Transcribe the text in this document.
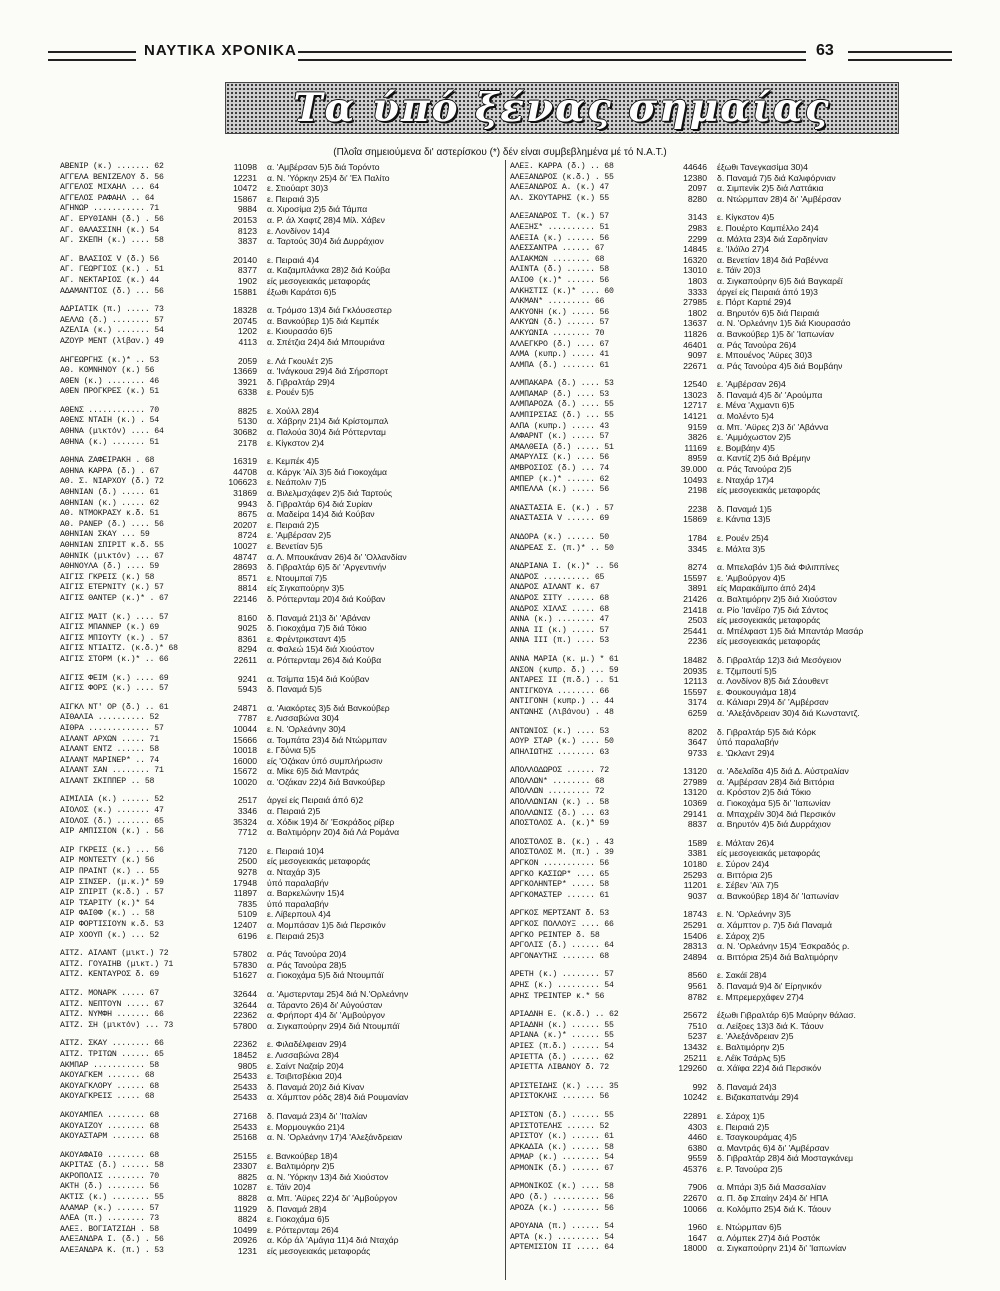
ΝΑΥΤΙΚΑ ΧΡΟΝΙΚΑ	63
Τα ύπό ξένας σημαίας
(Πλοΐα σημειούμενα δι' αστερίσκου (*) δέν είναι συμβεβλημένα μέ τό Ν.Α.Τ.)
ΑΒΕΝΙΡ (κ.) ....... 62	11098	α. 'Αμβέρσαν 5)5 διά Τορόντο
ΑΓΓΕΛΑ ΒΕΝΙΖΕΛΟΥ δ. 56	12231	α. Ν. 'Υόρκην 25)4 δι' 'Ελ Παλίτο
ΑΓΓΕΛΟΣ ΜΙΧΑΗΛ ... 64	10472	ε. Στιούαρτ 30)3
ΑΓΓΕΛΟΣ ΡΑΦΑΗΛ .. 64	15867	ε. Πειραιά 3)5
ΑΓΗΝΩΡ ........... 71	9884	α. Χιροσίμα 2)5 διά Τάμπα
ΑΓ. ΕΡΥΘΙΑΝΗ (δ.) . 56	20153	α. Ρ. άλ Χαφτζ 28)4 Μίλ. Χάβεν
ΑΓ. ΘΑΛΑΣΣΙΝΗ (κ.) 54	8123	ε. Λονδίνον 14)4
ΑΓ. ΣΚΕΠΗ (κ.) .... 58	3837	α. Ταρτούς 30)4 διά Δυρράχιον
ΑΓ. ΒΛΑΣΙΟΣ V (δ.) 56	20140	ε. Πειραιά 4)4
ΑΓ. ΓΕΩΡΓΙΟΣ (κ.) . 51	8377	α. Καζαμπλάνκα 28)2 διά Κούβα
ΑΓ. ΝΕΚΤΑΡΙΟΣ (κ.) 44	1902	είς μεσογειακάς μεταφοράς
ΑΔΑΜΑΝΤΙΟΣ (δ.) ... 56	15881	έξωθι Καράτσι 6)5
ΑΔΡΙΑΤΙΚ (π.) ..... 73	18328	α. Τρόμσο 13)4 διά Γκλόυσεστερ
ΑΕΛΛΩ (δ.) ........ 57	20745	α. Βανκούβερ 1)5 διά Κεμπέκ
ΑΖΕΛΙΑ (κ.) ....... 54	1202	ε. Κιουρασάο 6)5
ΑΖΟΥΡ ΜΕΝΤ (λίβαν.) 49	4113	α. Σπέτζια 24)4 διά Μπουριάνα
ΑΗΓΕΩΡΓΗΣ (κ.)* .. 53	2059	ε. Λά Γκουλέτ 2)5
ΑΘ. ΚΟΜΝΗΝΟΥ (κ.) 56	13669	α. 'Ινάγκουα 29)4 διά Σήρσπορτ
ΑΘΕΝ (κ.) ........ 46	3921	δ. Γιβραλτάρ 29)4
ΑΘΕΝ ΠΡΟΓΚΡΕΣ (κ.) 51	6338	ε. Ρουέν 5)5
ΑΘΕΝΣ ............ 70	8825	ε. Χούλλ 28)4
ΑΘΕΝΣ ΝΤΑΙΗ (κ.) . 54	5130	α. Χάβρην 21)4 διά Κρίστομπαλ
ΑΘΗΝΑ (μικτόν) .... 64	30682	α. Παλούα 30)4 διά Ρόττερνταμ
ΑΘΗΝΑ (κ.) ....... 51	2178	ε. Κίγκστον 2)4
ΑΘΗΝΑ ΖΑΦΕΙΡΑΚΗ . 68	16319	ε. Κεμπέκ 4)5
ΑΘΗΝΑ ΚΑΡΡΑ (δ.) . 67	44708	α. Κάργκ 'Αίλ 3)5 διά Γιοκοχάμα
ΑΘ. Σ. ΝΙΑΡΧΟΥ (δ.) 72	106623	ε. Νεάπολιν 7)5
ΑΘΗΝΙΑΝ (δ.) ..... 61	31869	α. Βιλελμσχάφεν 2)5 διά Ταρτούς
ΑΘΗΝΙΑΝ (κ.) ..... 62	9943	δ. Γιβραλτάρ 6)4 διά Συρίαν
ΑΘ. ΝΤΜΟΚΡΑΣΥ κ.δ. 51	8675	α. Μαδείρα 14)4 διά Κούβαν
ΑΘ. ΡΑΝΕΡ (δ.) .... 56	20207	ε. Πειραιά 2)5
ΑΘΗΝΙΑΝ ΣΚΑΫ ... 59	8724	ε. 'Αμβέρσαν 2)5
ΑΘΗΝΙΑΝ ΣΠΙΡΙΤ κ.δ. 55	10027	ε. Βενετίαν 5)5
ΑΘΗΝΙΚ (μικτόν) ... 67	48747	α. Λ. Μπουκάναν 26)4 δι' 'Ολλανδίαν
ΑΘΗΝΟΥΛΑ (δ.) .... 59	28693	δ. Γιβραλτάρ 6)5 δι' 'Αργεντινήν
ΑΙΓΙΣ ΓΚΡΕΪΣ (κ.) 58	8571	ε. Ντουμπαϊ 7)5
ΑΙΓΙΣ ΕΤΕΡΝΙΤΥ (κ.) 57	8814	είς Σιγκαπούρην 3)5
ΑΙΓΙΣ ΘΑΝΤΕΡ (κ.)* . 67	22146	δ. Ρόττερνταμ 20)4 διά Κούβαν
ΑΙΓΙΣ ΜΑΪΤ (κ.) .... 57	8160	δ. Παναμά 21)3 δι' 'Αβάναν
ΑΙΓΙΣ ΜΠΑΝΝΕΡ (κ.) 69	9025	δ. Γιοκοχάμα 7)5 διά Τόκιο
ΑΙΓΙΣ ΜΠΙΟΥΤΥ (κ.) . 57	8361	ε. Φρέντρικσταντ 4)5
ΑΙΓΙΣ ΝΤΙΑΙΤΖ. (κ.δ.)* 68	8294	α. Φαλεώ 15)4 διά Χιούστον
ΑΙΓΙΣ ΣΤΟΡΜ (κ.)* .. 66	22611	α. Ρόττερνταμ 26)4 διά Κούβα
ΑΙΓΙΣ ΦΕΪΜ (κ.) .... 69	9241	α. Τσίμπα 15)4 διά Κούβαν
ΑΙΓΙΣ ΦΟΡΣ (κ.) .... 57	5943	δ. Παναμά 5)5
ΑΙΓΚΛ ΝΤ' ΟΡ (δ.) .. 61	24871	α. 'Αιακόρτες 3)5 διά Βανκούβερ
ΑΙΘΑΛΙΑ .......... 52	7787	ε. Λισσαβώνα 30)4
ΑΙΘΡΑ ............. 57	10044	ε. Ν. 'Ορλεάνην 30)4
ΑΪΛΑΝΤ ΑΡΧΩΝ ..... 71	15666	α. Τομπάτα 23)4 διά Ντώρμπαν
ΑΪΛΑΝΤ ΕΝΤΖ ...... 58	10018	ε. Γδύνια 5)5
ΑΪΛΑΝΤ ΜΑΡΙΝΕΡ* .. 74	16000	είς 'Οζάκαν ύπό συμπλήρωσιν
ΑΪΛΑΝΤ ΣΑΝ ........ 71	15672	α. Μίκε 6)5 διά Μαντράς
ΑΪΛΑΝΤ ΣΚΙΠΠΕΡ .. 58	10020	α. 'Οζάκαν 22)4 διά Βανκούβερ
ΑΙΜΙΛΙΑ (κ.) ...... 52	2517	άργεί είς Πειραιά άπό 6)2
ΑΙΟΛΟΣ (κ.) ....... 47	3346	α. Πειραιά 2)5
ΑΙΟΛΟΣ (δ.) ....... 65	35324	α. Χόδικ 19)4 δι' 'Εσκράδος ρίβερ
ΑΪΡ ΑΜΠΙΣΙΟΝ (κ.) . 56	7712	α. Βαλτιμόρην 20)4 διά Λά Ρομάνα
ΑΪΡ ΓΚΡΕΪΣ (κ.) ... 56	7120	ε. Πειραιά 10)4
ΑΪΡ ΜΟΝΤΕΣΤΥ (κ.) 56	2500	είς μεσογειακάς μεταφοράς
ΑΪΡ ΠΡΑΪΝΤ (κ.) .. 55	9278	α. Νταχάρ 3)5
ΑΪΡ ΣΙΝΣΕΡ. (μ.κ.)* 59	17948	ύπό παραλαβήν
ΑΪΡ ΣΠΙΡΙΤ (κ.δ.) . 57	11897	α. Βαρκελώνην 15)4
ΑΪΡ ΤΣΑΡΙΤΥ (κ.)* 54	7835	ύπό παραλαβήν
ΑΪΡ ΦΑΙΘΦ (κ.) .. 58	5109	ε. Λίβερπουλ 4)4
ΑΪΡ ΦΟΡΤΙΣΙΟΥΝ κ.δ. 53	12407	α. Μομπάσαν 1)5 διά Περσικόν
ΑΪΡ ΧΟΟΥΠ (κ.) ... 52	6196	ε. Πειραιά 25)3
ΑΙΤΖ. ΑΪΛΑΝΤ (μικτ.) 72	57802	α. Ράς Τανούρα 20)4
ΑΙΤΖ. ΓΟΥΑΙΗΒ (μικτ.) 71	57830	α. Ράς Τανούρα 28)5
ΑΙΤΖ. ΚΕΝΤΑΥΡΟΣ δ. 69	51627	α. Γιοκοχάμα 5)5 διά Ντουμπάϊ
ΑΙΤΖ. ΜΟΝΑΡΚ ..... 67	32644	α. 'Αμστερνταμ 25)4 διά Ν.'Ορλεάνην
ΑΙΤΖ. ΝΕΠΤΟΥΝ ..... 67	32644	α. Τάραντο 26)4 δι' Αύγούσταν
ΑΙΤΖ. ΝΥΜΦΗ ....... 66	22362	α. Φρήπορτ 4)4 δι' 'Αμβούργον
ΑΙΤΖ. ΣΗ (μικτόν) ... 73	57800	α. Σιγκαπούρην 29)4 διά Ντουμπάϊ
ΑΙΤΖ. ΣΚΑΫ ........ 66	22362	ε. Φιλαδέλφειαν 29)4
ΑΙΤΖ. ΤΡΙΤΩΝ ...... 65	18452	ε. Λισσαβώνα 28)4
ΑΚΜΠΑΡ ........... 58	9805	ε. Σαίντ Ναζαίρ 20)4
ΑΚΟΥΑΓΚΕΜ ....... 68	25433	ε. Τσιβιτσβέκια 20)4
ΑΚΟΥΑΓΚΛΟΡΥ ...... 68	25433	δ. Παναμά 20)2 διά Κίναν
ΑΚΟΥΑΓΚΡΕΪΣ ..... 68	25433	α. Χάμπτον ρόδς 28)4 διά Ρουμανίαν
ΑΚΟΥΑΜΠΕΛ ........ 68	27168	δ. Παναμά 23)4 δι' 'Ιταλίαν
ΑΚΟΥΑΙΖΟΥ ........ 68	25433	ε. Μορμουγκάο 21)4
ΑΚΟΥΑΣΤΑΡΜ ....... 68	25168	α. Ν. 'Ορλεάνην 17)4 'Αλεξάνδρειαν
ΑΚΟΥΑΦΑΙΘ ........ 68	25155	ε. Βανκούβερ 18)4
ΑΚΡΙΤΑΣ (δ.) ...... 58	23307	ε. Βαλτιμόρην 2)5
ΑΚΡΟΠΟΛΙΣ ........ 70	8825	α. Ν. 'Υόρκην 13)4 διά Χιούστον
ΑΚΤΗ (δ.) ........ 56	10287	ε. Τάϊν 20)4
ΑΚΤΙΣ (κ.) ........ 55	8828	α. Μπ. 'Αϋρες 22)4 δι' 'Αμβούργον
ΑΛΑΜΑΡ (κ.) ...... 57	11929	δ. Παναμά 28)4
ΑΛΕΑ (π.) ........ 73	8824	ε. Γιοκοχάμα 6)5
ΑΛΕΞ. ΒΟΓΙΑΤΖΙΔΗ . 58	10499	ε. Ρόττερνταμ 26)4
ΑΛΕΞΑΝΔΡΑ Ι. (δ.) . 56	20926	α. Κόρ άλ 'Αμάγια 11)4 διά Νταχάρ
ΑΛΕΞΑΝΔΡΑ Κ. (π.) . 53	1231	είς μεσογειακάς μεταφοράς
ΑΛΕΞ. ΚΑΡΡΑ (δ.) .. 68	44646	έξωθι Τανεγκασίμα 30)4
ΑΛΕΞΑΝΔΡΟΣ (κ.δ.) . 55	12380	δ. Παναμά 7)5 διά Καλιφόρνιαν
ΑΛΕΞΑΝΔΡΟΣ Α. (κ.) 47	2097	α. Σιμπενίκ 2)5 διά Λαττάκια
ΑΛ. ΣΚΟΥΤΑΡΗΣ (κ.) 55	8280	α. Ντώρμπαν 28)4 δι' 'Αμβέρσαν
ΑΛΕΞΑΝΔΡΟΣ Τ. (κ.) 57	3143	ε. Κίγκστον 4)5
ΑΛΕΞΗΣ* .......... 51	2983	ε. Πουέρτο Καμπέλλο 24)4
ΑΛΕΞΙΑ (κ.) ...... 56	2299	α. Μάλτα 23)4 διά Σαρδηνίαν
ΑΛΕΣΣΑΝΤΡΑ ...... 67	14845	ε. 'Ιλόϊλο 27)4
ΑΛΙΑΚΜΩΝ ........ 68	16320	α. Βενετίαν 18)4 διά Ραβέννα
ΑΛΙΝΤΑ (δ.) ...... 58	13010	ε. Τάϊν 20)3
ΑΛΙΟΘ (κ.)* ...... 56	1803	α. Σιγκαπούρην 6)5 διά Βαγκαρέϊ
ΑΛΚΗΣΤΙΣ (κ.)* .... 60	3333	άργεί είς Πειραιά άπό 19)3
ΑΛΚΜΑΝ* ......... 66	27985	ε. Πόρτ Καρτιέ 29)4
ΑΛΚΥΟΝΗ (κ.) ..... 56	1802	α. Βηρυτόν 6)5 διά Πειραιά
ΑΛΚΥΩΝ (δ.) ...... 57	13637	α. Ν. 'Ορλεάνην 1)5 διά Κιουρασάο
ΑΛΚΥΩΝΙΑ ........ 70	11826	α. Βανκούβερ 1)5 δι' 'Ιαπωνίαν
ΑΛΛΕΓΚΡΟ (δ.) .... 67	46401	α. Ράς Τανούρα 26)4
ΑΛΜΑ (κυπρ.) ..... 41	9097	ε. Μπουένος 'Αϋρες 30)3
ΑΛΜΠΑ (δ.) ....... 61	22671	α. Ράς Τανούρα 4)5 διά Βομβάην
ΑΛΜΠΑΚΑΡΑ (δ.) .... 53	12540	ε. 'Αμβέρσαν 26)4
ΑΛΜΠΑΜΑΡ (δ.) .... 53	13023	δ. Παναμά 4)5 δι' 'Αρούμπα
ΑΛΜΠΑΡΟΖΑ (δ.) .... 55	12717	ε. Μένα 'Αχμαντι 6)5
ΑΛΜΠΙΡΣΙΑΣ (δ.) ... 55	14121	α. Μολέντο 5)4
ΑΛΠΑ (κυπρ.) ..... 43	9159	α. Μπ. 'Αϋρες 2)3 δι' 'Αβάννα
ΑΛΦΑΡΝΤ (κ.) ..... 57	3826	ε. 'Αμμόχωστον 2)5
ΑΜΑΛΘΕΙΑ (δ.) ..... 51	11169	ε. Βομβάην 4)5
ΑΜΑΡΥΛΙΣ (κ.) .... 56	8959	α. Καντίζ 2)5 διά Βρέμην
ΑΜΒΡΟΣΙΟΣ (δ.) ... 74	39.000	α. Ράς Τανούρα 2)5
ΑΜΠΕΡ (κ.)* ...... 62	10493	ε. Νταχάρ 17)4
ΑΜΠΕΛΛΑ (κ.) ..... 56	2198	είς μεσογειακάς μεταφοράς
ΑΝΑΣΤΑΣΙΑ Ε. (κ.) . 57	2238	δ. Παναμά 1)5
ΑΝΑΣΤΑΣΙΑ V ...... 69	15869	ε. Κάντια 13)5
ΑΝΔΟΡΑ (κ.) ...... 50	1784	ε. Ρουέν 25)4
ΑΝΔΡΕΑΣ Σ. (π.)* .. 50	3345	ε. Μάλτα 3)5
ΑΝΔΡΙΑΝΑ Ι. (κ.)* .. 56	8274	α. Μπελαβάν 1)5 διά Φιλιππίνες
ΑΝΔΡΟΣ .......... 65	15597	ε. 'Αμβούργον 4)5
ΑΝΔΡΟΣ ΑΪΛΑΝΤ κ. 67	3891	είς Μαρακάϊμπο άπό 24)4
ΑΝΔΡΟΣ ΣΙΤΥ ...... 68	21426	α. Βαλτιμόρην 2)5 διά Χιούστον
ΑΝΔΡΟΣ ΧΙΛΛΣ ..... 68	21418	α. Ρίο 'Ιανέϊρο 7)5 διά Σάντος
ΑΝΝΑ (κ.) ........ 47	2503	είς μεσογειακάς μεταφοράς
ΑΝΝΑ ΙΙ (κ.) ..... 57	25441	α. Μπέλφαστ 1)5 διά Μπαντάρ Μασάρ
ΑΝΝΑ ΙΙΙ (π.) .... 53	2236	είς μεσογειακάς μεταφοράς
ΑΝΝΑ ΜΑΡΙΑ (κ. μ.) * 61	18482	δ. Γιβραλτάρ 12)3 διά Μεσόγειον
ΑΝΣΟΝ (κυπρ. δ.) ... 59	20935	ε. Τζιμπουτί 5)5
ΑΝΤΑΡΕΣ ΙΙ (π.δ.) .. 51	12113	α. Λονδίνον 8)5 διά Σάουθεντ
ΑΝΤΙΓΚΟΥΑ ........ 66	15597	ε. Φουκουγιάμα 18)4
ΑΝΤΙΓΟΝΗ (κυπρ.) .. 44	3174	α. Κάλιαρι 29)4 δι' 'Αμβέρσαν
ΑΝΤΩΝΗΣ (Λιβάνου) . 48	6259	α. 'Αλεξάνδρειαν 30)4 διά Κωνσταντζ.
ΑΝΤΩΝΙΟΣ (κ.) .... 53	8202	δ. Γιβραλτάρ 5)5 διά Κόρκ
ΑΟΥΡ ΣΤΑΡ (κ.) .... 50	3647	ύπό παραλαβήν
ΑΠΗΛΙΩΤΗΣ ........ 63	9733	ε. 'Ωκλαντ 29)4
ΑΠΟΛΛΟΔΩΡΟΣ ...... 72	13120	α. 'Αδελαΐδα 4)5 διά Δ. Αύστραλίαν
ΑΠΟΛΛΩΝ* ........ 68	27989	α. 'Αμβέρσαν 28)4 διά Βιττόρια
ΑΠΟΛΛΩΝ ......... 72	13120	α. Κρόστον 2)5 διά Τόκιο
ΑΠΟΛΛΩΝΙΑΝ (κ.) .. 58	10369	α. Γιοκοχάμα 5)5 δι' 'Ιαπωνίαν
ΑΠΟΛΛΩΝΙΣ (δ.) ... 63	29141	α. Μπαχρέϊν 30)4 διά Περσικόν
ΑΠΟΣΤΟΛΟΣ Α. (κ.)* 59	8837	α. Βηρυτόν 4)5 διά Δυρράχιον
ΑΠΟΣΤΟΛΟΣ Β. (κ.) . 43	1589	ε. Μάλταν 26)4
ΑΠΟΣΤΟΛΟΣ Μ. (π.) . 39	3381	είς μεσογειακάς μεταφοράς
ΑΡΓΚΟΝ ........... 56	10180	ε. Σύρον 24)4
ΑΡΓΚΟ ΚΑΣΙΩΡ* .... 65	25293	α. Βιττόρια 2)5
ΑΡΓΚΟΛΗΝΤΕΡ* ..... 58	11201	ε. Σέβεν 'Αϊλ 7)5
ΑΡΓΚΟΜΑΣΤΕΡ ...... 61	9037	α. Βανκούβερ 18)4 δι' 'Ιαπωνίαν
ΑΡΓΚΟΣ ΜΕΡΤΣΑΝΤ δ. 53	18743	ε. Ν. 'Ορλεάνην 3)5
ΑΡΓΚΟΣ ΠΟΛΛΟΥΞ .... 66	25291	α. Χάμπτον ρ. 7)5 διά Παναμά
ΑΡΓΚΟ ΡΕΪΝΤΕΡ δ. 58	15406	ε. Σάροχ 2)5
ΑΡΓΟΛΙΣ (δ.) ...... 64	28313	α. Ν. 'Ορλεάνην 15)4 'Εσκραδός ρ.
ΑΡΓΟΝΑΥΤΗΣ ....... 68	24894	α. Βιττόρια 25)4 διά Βαλτιμόρην
ΑΡΕΤΗ (κ.) ........ 57	8560	ε. Σακάϊ 28)4
ΑΡΗΣ (κ.) ......... 54	9561	δ. Παναμά 9)4 δι' Είρηνικόν
ΑΡΗΣ ΤΡΕΪΝΤΕΡ κ.* 56	8782	ε. Μπρεμερχάφεν 27)4
ΑΡΙΑΔΝΗ Ε. (κ.δ.) .. 62	25672	έξωθι Γιβραλτάρ 6)5 Μαύρην θάλασ.
ΑΡΙΑΔΝΗ (κ.) ...... 55	7510	α. Λείξοες 13)3 διά Κ. Τάουν
ΑΡΙΑΝΑ (κ.)* ...... 55	5237	ε. 'Αλεξάνδρειαν 2)5
ΑΡΙΕΣ (π.δ.) ...... 54	13432	ε. Βαλτιμόρην 2)5
ΑΡΙΕΤΤΑ (δ.) ...... 62	25211	ε. Λέϊκ Τσάρλς 5)5
ΑΡΙΕΤΤΑ ΛΙΒΑΝΟΥ δ. 72	129260	α. Χάϊφα 22)4 διά Περσικόν
ΑΡΙΣΤΕΙΔΗΣ (κ.) .... 35	992	δ. Παναμά 24)3
ΑΡΙΣΤΟΚΛΗΣ ....... 56	10242	ε. Βιζακαπατνάμ 29)4
ΑΡΙΣΤΟΝ (δ.) ...... 55	22891	ε. Σάροχ 1)5
ΑΡΙΣΤΟΤΕΛΗΣ ...... 52	4303	ε. Πειραιά 2)5
ΑΡΙΣΤΟΥ (κ.) ...... 61	4460	ε. Τσαγκουράμας 4)5
ΑΡΚΑΔΙΑ (κ.) ...... 58	6380	α. Μαντράς 6)4 δι' 'Αμβέρσαν
ΑΡΜΑΡ (κ.) ........ 54	9559	δ. Γιβραλτάρ 28)4 διά Μοσταγκάνεμ
ΑΡΜΟΝΙΚ (δ.) ...... 67	45376	ε. Ρ. Τανούρα 2)5
ΑΡΜΟΝΙΚΟΣ (κ.) .... 58	7906	α. Μπάρι 3)5 διά Μασσαλίαν
ΑΡΟ (δ.) .......... 56	22670	α. Π. δφ Σπαίην 24)4 δι' ΗΠΑ
ΑΡΟΖΑ (κ.) ........ 56	10066	α. Κολόμπο 25)4 διά Κ. Τάουν
ΑΡΟΥΑΝΑ (π.) ...... 54	1960	ε. Ντώρμπαν 6)5
ΑΡΤΑ (κ.) ......... 54	1647	α. Λόμπεκ 27)4 διά Ροστόκ
ΑΡΤΕΜΙΣΙΟΝ ΙΙ ..... 64	18000	α. Σιγκαπούρην 21)4 δι' 'Ιαπωνίαν
